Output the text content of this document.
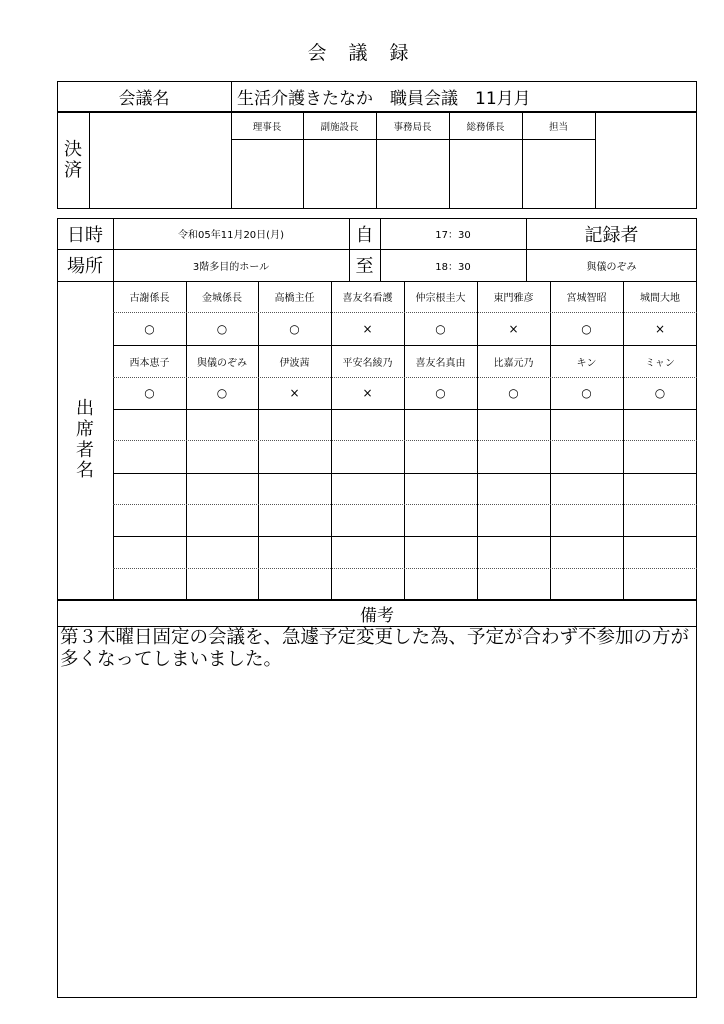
会 議 録
会議名	生活介護きたなか　職員会議　11月月
決
済
理事長	副施設長	事務局長	総務係長	担当
日時	令和05年11月20日(月)	自	17：30	記録者
場所	3階多目的ホール	至	18：30	與儀のぞみ
出
席
者
名
古謝係長	金城係長	高橋主任	喜友名看護	仲宗根圭大	東門雅彦	宮城智昭	城間大地
○	○	○	×	○	×	○	×
西本恵子	與儀のぞみ	伊波茜	平安名綾乃	喜友名真由	比嘉元乃	キン	ミャン
○	○	×	×	○	○	○	○
備考
第３木曜日固定の会議を、急遽予定変更した為、予定が合わず不参加の方が多くなってしまいました。
